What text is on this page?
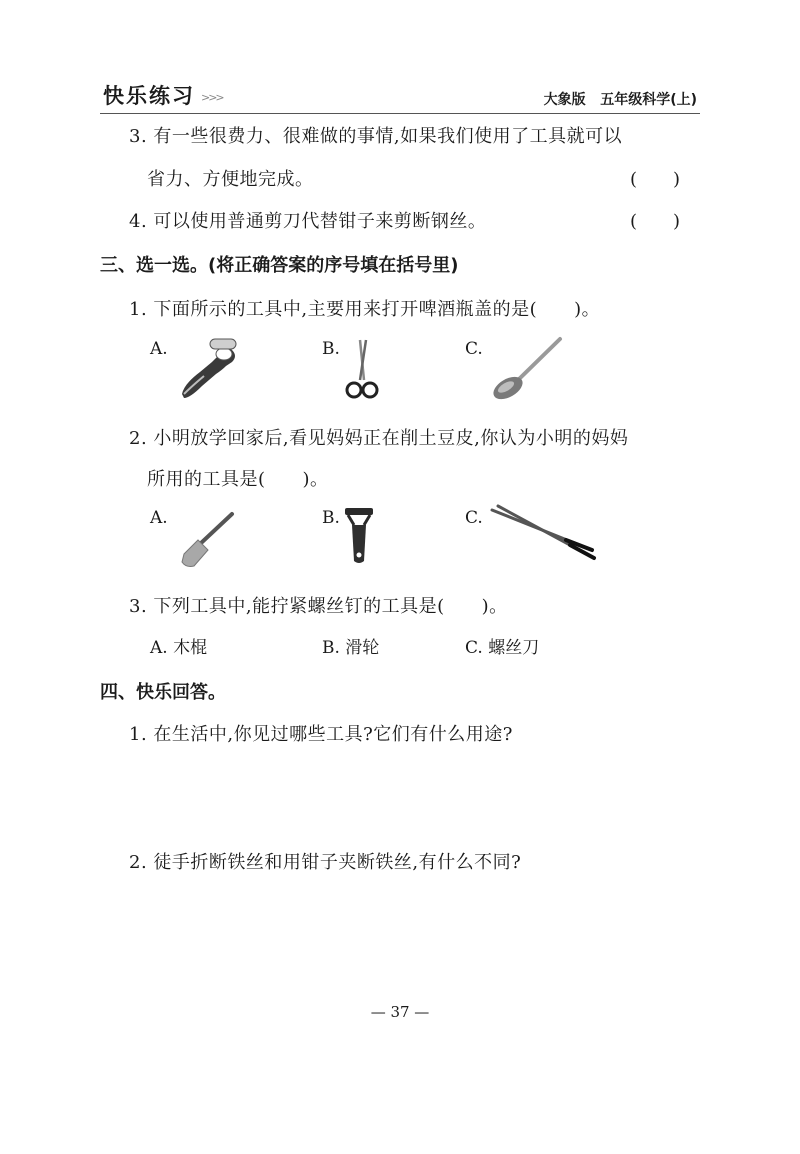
快乐练习 >>>	大象版 五年级科学(上)
3. 有一些很费力、很难做的事情,如果我们使用了工具就可以
省力、方便地完成。	(　　)
4. 可以使用普通剪刀代替钳子来剪断钢丝。	(　　)
三、选一选。(将正确答案的序号填在括号里)
1. 下面所示的工具中,主要用来打开啤酒瓶盖的是(　　)。
A.	B.	C.
2. 小明放学回家后,看见妈妈正在削土豆皮,你认为小明的妈妈
所用的工具是(　　)。
A.	B.	C.
3. 下列工具中,能拧紧螺丝钉的工具是(　　)。
A. 木棍	B. 滑轮	C. 螺丝刀
四、快乐回答。
1. 在生活中,你见过哪些工具?它们有什么用途?
2. 徒手折断铁丝和用钳子夹断铁丝,有什么不同?
— 37 —
